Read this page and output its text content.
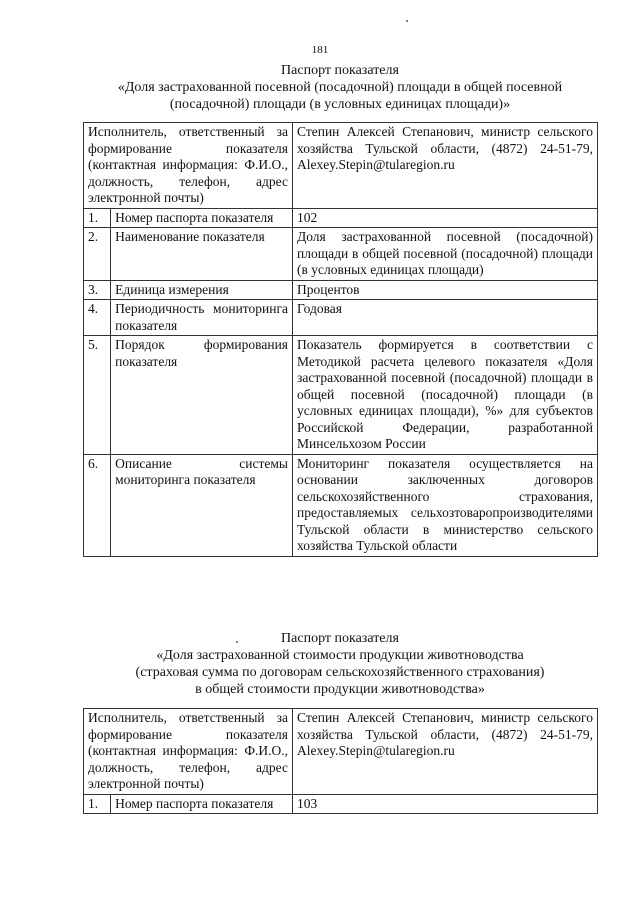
181
Паспорт показателя
«Доля застрахованной посевной (посадочной) площади в общей посевной
(посадочной) площади (в условных единицах площади)»
Исполнитель, ответственный за формирование показателя (контактная информация: Ф.И.О., должность, телефон, адрес электронной почты)		Степин Алексей Степанович, министр сельского хозяйства Тульской области, (4872) 24-51-79, Alexey.Stepin@tularegion.ru
1.	Номер паспорта показателя	102
2.	Наименование показателя	Доля застрахованной посевной (посадочной) площади в общей посевной (посадочной) площади (в условных единицах площади)
3.	Единица измерения	Процентов
4.	Периодичность мониторинга показателя	Годовая
5.	Порядок формирования показателя	Показатель формируется в соответствии с Методикой расчета целевого показателя «Доля застрахованной посевной (посадочной) площади в общей посевной (посадочной) площади (в условных единицах площади), %» для субъектов Российской Федерации, разработанной Минсельхозом России
6.	Описание системы мониторинга показателя	Мониторинг показателя осуществляется на основании заключенных договоров сельскохозяйственного страхования, предоставляемых сельхозтоваропроизводителями Тульской области в министерство сельского хозяйства Тульской области
Паспорт показателя
«Доля застрахованной стоимости продукции животноводства
(страховая сумма по договорам сельскохозяйственного страхования)
в общей стоимости продукции животноводства»
Исполнитель, ответственный за формирование показателя (контактная информация: Ф.И.О., должность, телефон, адрес электронной почты)		Степин Алексей Степанович, министр сельского хозяйства Тульской области, (4872) 24-51-79, Alexey.Stepin@tularegion.ru
1.	Номер паспорта показателя	103
